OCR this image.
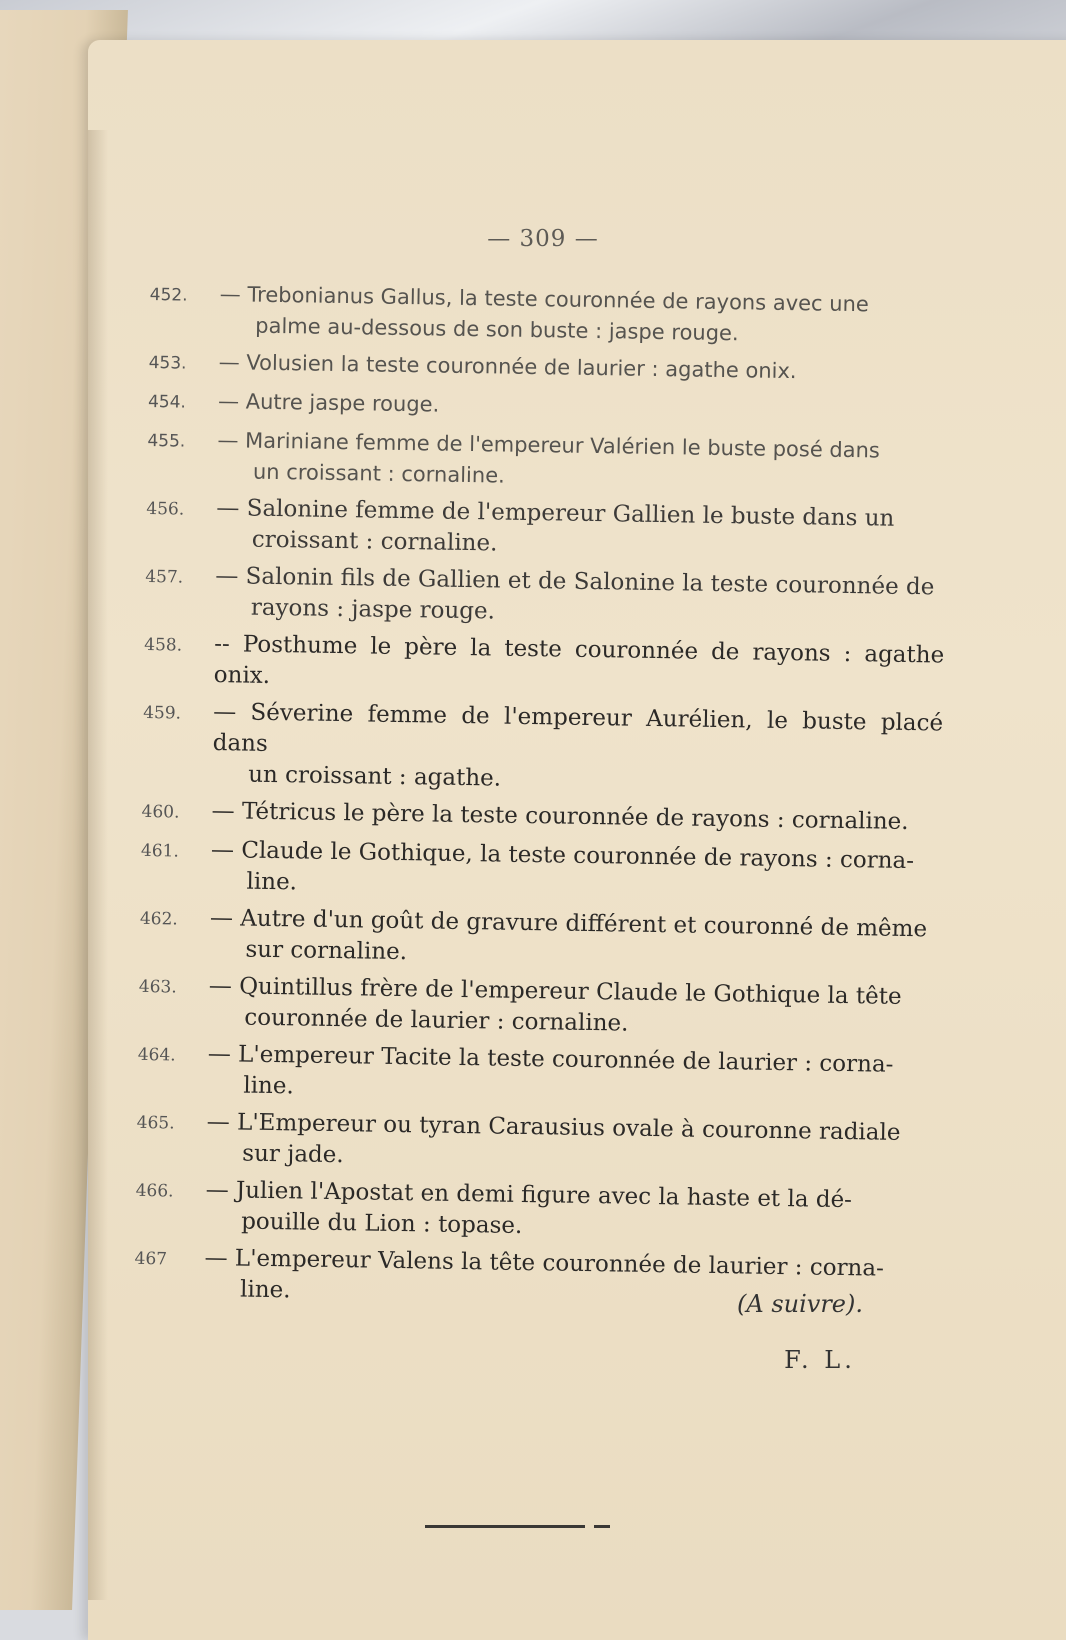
— 309 —
452.	— Trebonianus Gallus, la teste couronnée de rayons avec une
palme au-dessous de son buste : jaspe rouge.
453.	— Volusien la teste couronnée de laurier : agathe onix.
454.	— Autre jaspe rouge.
455.	— Mariniane femme de l'empereur Valérien le buste posé dans
un croissant : cornaline.
456.	— Salonine femme de l'empereur Gallien le buste dans un
croissant : cornaline.
457.	— Salonin fils de Gallien et de Salonine la teste couronnée de
rayons : jaspe rouge.
458.	-- Posthume le père la teste couronnée de rayons : agathe onix.
459.	— Séverine femme de l'empereur Aurélien, le buste placé dans
un croissant : agathe.
460.	— Tétricus le père la teste couronnée de rayons : cornaline.
461.	— Claude le Gothique, la teste couronnée de rayons : corna-
line.
462.	— Autre d'un goût de gravure différent et couronné de même
sur cornaline.
463.	— Quintillus frère de l'empereur Claude le Gothique la tête
couronnée de laurier : cornaline.
464.	— L'empereur Tacite la teste couronnée de laurier : corna-
line.
465.	— L'Empereur ou tyran Carausius ovale à couronne radiale
sur jade.
466.	— Julien l'Apostat en demi figure avec la haste et la dé-
pouille du Lion : topase.
467	— L'empereur Valens la tête couronnée de laurier : corna-
line.
(A suivre).
F. L.
